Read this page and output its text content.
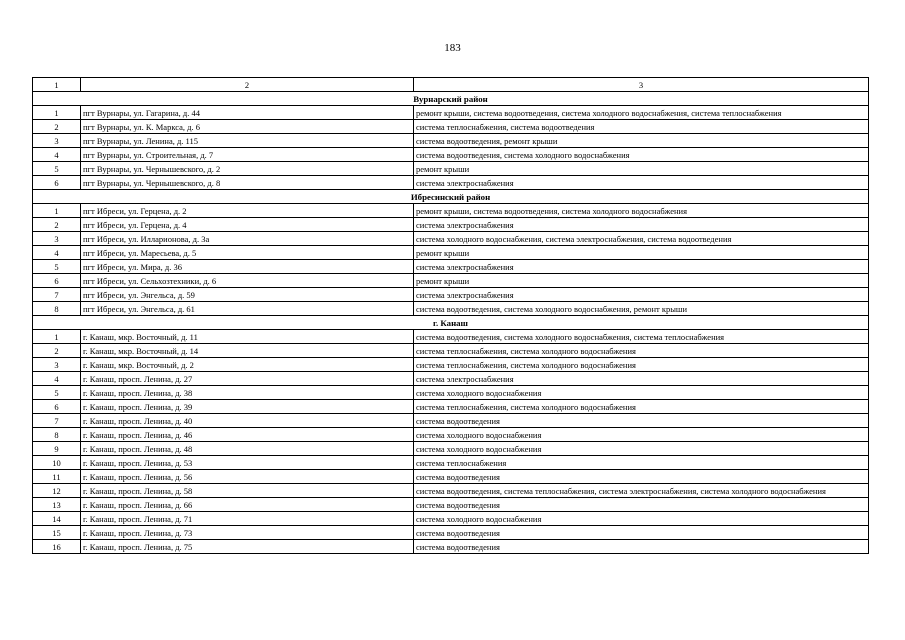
183
1	2	3
Вурнарский район		
1	пгт Вурнары, ул. Гагарина, д. 44	ремонт крыши, система водоотведения, система холодного водоснабжения, система теплоснабжения
2	пгт Вурнары, ул. К. Маркса, д. 6	система теплоснабжения, система водоотведения
3	пгт Вурнары, ул. Ленина, д. 115	система водоотведения, ремонт крыши
4	пгт Вурнары, ул. Строительная, д. 7	система водоотведения, система холодного водоснабжения
5	пгт Вурнары, ул. Чернышевского, д. 2	ремонт крыши
6	пгт Вурнары, ул. Чернышевского, д. 8	система электроснабжения
Ибресинский район		
1	пгт Ибреси, ул. Герцена, д. 2	ремонт крыши, система водоотведения, система холодного водоснабжения
2	пгт Ибреси, ул. Герцена, д. 4	система электроснабжения
3	пгт Ибреси, ул. Илларионова, д. 3а	система холодного водоснабжения, система электроснабжения, система водоотведения
4	пгт Ибреси, ул. Маресьева, д. 5	ремонт крыши
5	пгт Ибреси, ул. Мира, д. 36	система электроснабжения
6	пгт Ибреси, ул. Сельхозтехники, д. 6	ремонт крыши
7	пгт Ибреси, ул. Энгельса, д. 59	система электроснабжения
8	пгт Ибреси, ул. Энгельса, д. 61	система водоотведения, система холодного водоснабжения, ремонт крыши
г. Канаш		
1	г. Канаш, мкр. Восточный, д. 11	система водоотведения, система холодного водоснабжения, система теплоснабжения
2	г. Канаш, мкр. Восточный, д. 14	система теплоснабжения, система холодного водоснабжения
3	г. Канаш, мкр. Восточный, д. 2	система теплоснабжения, система холодного водоснабжения
4	г. Канаш, просп. Ленина, д. 27	система электроснабжения
5	г. Канаш, просп. Ленина, д. 38	система холодного водоснабжения
6	г. Канаш, просп. Ленина, д. 39	система теплоснабжения, система холодного водоснабжения
7	г. Канаш, просп. Ленина, д. 40	система водоотведения
8	г. Канаш, просп. Ленина, д. 46	система холодного водоснабжения
9	г. Канаш, просп. Ленина, д. 48	система холодного водоснабжения
10	г. Канаш, просп. Ленина, д. 53	система теплоснабжения
11	г. Канаш, просп. Ленина, д. 56	система водоотведения
12	г. Канаш, просп. Ленина, д. 58	система водоотведения, система теплоснабжения, система электроснабжения, система холодного водоснабжения
13	г. Канаш, просп. Ленина, д. 66	система водоотведения
14	г. Канаш, просп. Ленина, д. 71	система холодного водоснабжения
15	г. Канаш, просп. Ленина, д. 73	система водоотведения
16	г. Канаш, просп. Ленина, д. 75	система водоотведения
